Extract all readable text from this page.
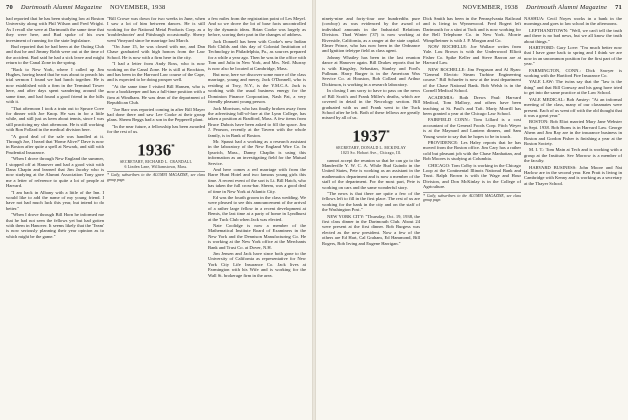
70 Dartmouth Alumni Magazine NOVEMBER, 1938

had reported that he has been studying law at Boston University along with Phil Wilson and Fred Wright. As I recall she were at Dartmouth the same time that they were here, and Bud spoke of his own investment of running for the state legislature.

Bud reported that he had been at the Outing Club and that he and Jimmy Robb were out at the time of the accident. Bud said he had a sick leave and might return to the Canal Zone in the spring.

"Back to New York, where I called up Jim Hughes, having heard that he was about to preach his trial sermon I found we had lunch together. He is now established with a firm in the Terminal Tower here, and after days spent wandering around the same time, and had found a good friend in the hills with it.

"That afternoon I took a train out to Spruce Cove for dinner with Joe Knop. He was in for a little while, and still just as keen about tennis, since I was still practicing my shot afternoon. He is still working with Ron Follard in the medical division here.

"A good deal of the sale was handled at it. Through Joe, I heard that 'Home Alive?' Dave is now in Boston after quite a spell at Newark, and still with Prudential Insurance.

"When I drove through New England the summer, I stopped off at Hanover and had a good visit with Dana Chapin and learned that Jim Jacoby who is now studying at the Alumni Association Tony gave me a letter of reference to quite a lot of people at Harvard.

"I am back in Albany with a little of the Inn. I would like to add the name of my young friend. I have not had much luck this year, but intend to do better."

"When I drove through Bill Horn he informed me that he had not seen the fellows yet but had gotten with them in Hanover. It seems likely that the 'Team' is now seriously planning their year opinion as to which might be the game."

"Bill Crowe was down for two weeks in June, when I saw a lot of him between dances. He is still working for the National Metal Products Corp. as a 'troubleshooter' and Pittsburgh occasionally. Sherry went Vineyard since he marriage last March.

"On June 15, he was closed with me, and Dan Chase graduated with high honors from the Law School. He is now with a firm here in the city.

"I had a letter from Andy Ross, who is now working on the Canal Zone. He is still at Brockton, and has been in the Harvard Law course of the Cape, and is expected to be doing prosper well.

"At the same time I visited Bill Hansen, who is now a bookkeeper and has a full-time position with a firm at Windham. He was dean of the department of Republican Club.

"Joe Barr was reported coming in after Bill Mayer had done there and saw Lee Cooke at their group plans. Sherm Beggs had a son in the Pepperell plant.

"In the near future, a fellowship has been awarded for the rest of us.

1936*
SECRETARY, RICHARD L. CRANDALL
6 Linden Lane, Williamstown, Mass.
* Gaily, subscribers to the ALUMNI MAGAZINE, see class group page.

a few miles from the registration point of Les Meyel. And so we drove the lot of base facts uncontrolled by the dynamic ideas. Brian Cooke was largely as before, scoring their part in the changes of address.

Jack Donnell has been with Cooke's new Indian Bob Childs and this day of Colonial Institution of Technology in Philadelphia, Pa., as sources prepared for a while a year ago. Then he was in the office with Tom and Julia in New York, and Mrs. Neil. Murray is now also be located at Cambridge, Mass.

But now, here we discover some more of the class marriage, young and merry, Jack O'Donnell, who is residing at Troy, N.Y., is the Y.M.C.A. Jack is working with the usual business energy for the Dominion Finance Corporation, Nash Pat, a very friendly pleasant young person.

Jack Morrison, who has finally broken away from the advertising bill-of-fare at the Lynn College, has taken a position at Bradford, Mass. A few items from Bruce Dubois have been asked to fill the space. Jim J. Pearson, recently at the Tavern with the whole family, is in Bank of Boston.

Mr. Spaust had a working as a research assistant in the laboratory of the New England Wire Co. In Ipswich, Mass., Danny Chaplin is using this information as an investigating field for the Mutual Service.

And here comes a red marriage with from the Barre Hunt Hotel and two famous young girls this time. A recent event of the sort is Lt. Bill Hatch, who has taken the full cross-bar. Sherm, was a good deal of time in New York at Atlantic City.

Ed was the fourth groom in the class wedding. We were pleased to see this announcement of the arrival of a rather large fellow in a recent development at Bemis, the last time at a party of home in Lyndhurst at the Tuck Club when Jack was elected.

Nate Coolidge is now a member of the Mathematical Institute Board of Examiners in the New York and the Dennison Manufacturing Co. He is working at the New York office at the Merchants Bank and Trust Co. at Dover, N.H.

Jim Jensen and Jack have since both gone to the University of California as representative for New York City Life Insurance Co. Jack lives at Farmington with his Wife and is working for the Wall St. brokerage firm in the area.

NOVEMBER, 1938 Dartmouth Alumni Magazine 71

ninety-nine and forty-four one hundredths pure (cowboy) as was evidenced by the award of individual amounts in the Industrial Relations Division. Thad Winter ('37) is now working at Riverside, California, as a ranger at the state capital. Elmer Prince, who has now been in the Ordnance and Ignition teletype field as class agent.

Johnny Whatley has been in the last reunion dance at Hanover again. Bill Drakes reports that he is with Kingsley, Sebastian, Stanley and Ford's Pullman. Harry Burger is in the American Wax Service Co. at Houston, Bob Collard and Arthur Dickinson, is working in a research laboratory.

In closing I am sorry to have to pass on the news of Bill Scott's and Frank Miller's deaths, which are covered in detail in the Necrology section. Bill graduated with us and Frank went to the Tuck School after he left. Both of these fellows are greatly missed by all of us.

1937*
SECRETARY, DONALD L. MCKINLAY
1023 So. Hobart Ave., Chicago, Ill.

cannot accept the reunion so that he can go to the Mandeville Y. W. C. A. While Bud Guindo in the United States, Pete is working as an assistant in the mathematics department and is now a member of the staff of the department. For the most part, Pete is working on cars and the same wonderful story.

"The news is that there are quite a few of the fellows left to fill in the first place. The rest of us are working for the bank in the city and on the staff of the Washington Post."

NEW YORK CITY: "Thursday, Oct. 19, 1938, the first class dinner in the Dartmouth Club. About 24 were present at the first dinner. Bob Burgess was elected as the new president. Now a few of the others are Ed Hart, Cal Graham, Ed Hammond, Bill Rogers, Bob Irving and Eugene Harrigan."

Dick Smith has been in the Pennsylvania Railroad and is living in Wynnewood. Fred Bogert left Dartmouth for a stint at Tuck and is now working for the Bell Telephone Co. in New York. Morrie Wimpfheimer is with J. P. Morgan and Co.

NOW ROCHELLE: Joe Wallace writes from Yale. Lou Brown is with the Underwood Elliott Fisher Co. Spike Keller and Steve Barron are at Harvard Law.

NEW ROCHELLE: Jim Ferguson and Al Ryan: "General Electric Steam Turbine Engineering course." Bill Schaefer is now at the trust department of the Chase National Bank. Bob Welsh is in the Cornell Medical School.

ACADEMIA: Both Drews Paul: Harvard Medical, Tom Mallory, and others have been teaching at St. Paul's and Taft. Marty Morrill has been granted a year at the Chicago Law School.

FAIRFIELD CONN.: Tom Lillard is a cost accountant of the General Foods Corp. Fitch Weyer is at the Maynard and Lantern dinners, and Sam Young wrote to say that he hopes to be in touch.

PROVIDENCE: Les Haley reports that he has moved from the Boston office. Jim Cary has a rather cold but pleasant job with the Chase Manhattan, and Bob Moores is studying at Columbia.

CHICAGO: Tom Colby is working in the Chicago Loop at the Continental Illinois National Bank and Trust. Ralph Brown is with the Wage and Hour Division, and Don McKinlay is in the College of Agriculture.

* Gaily, subscribers to the ALUMNI MAGAZINE, see class group page.

NASHUA: Cecil Noyes works in a bank in the mornings and goes to law school in the afternoons.

LEFTHANDTOWN: "Well, we can't tell the truth and there is no bad news, but we all know the truth about things."

HARTFORD: Gary Love: "I'm much better now that I have gone back to spring and I think we are now in an uncommon position for the first part of the year."

FARMINGTON, CONN.: Dick Sawyer is working with the Hartford Fire Insurance Co.

YALE LAW: The twins say that the "law is the thing" and that Bill Conway and his gang have tried to get into the same practice at the Law School.

YALE MEDICAL: Bob Anstey: "At an informal meeting of the class, many of our classmates were present. Each of us went off with the old thought that it was a great year."

BOSTON: Bob Eliot married Mary Jane Webster in Sept. 1938. Bob Burns is in Harvard Law. George Ahern and Jim Ray are in the insurance business in Boston and Gordon Fisher is finishing a year at the Boston Society.

M. I. T.: Tom Main at Tech and is working with a group at the Institute. Sev Morrow is a member of the faculty.

HARVARD BUSINESS: John Moore and Nat Harlow are in the second year. Ken Pratt is living in Cambridge with Kenny and is working as a secretary at the Thayer School.
